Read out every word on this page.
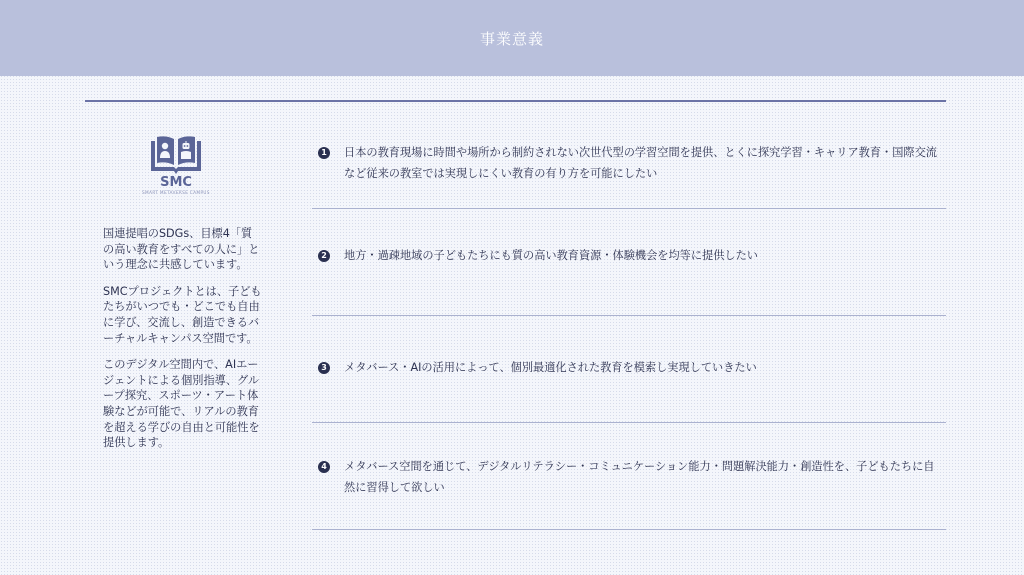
事業意義
SMC
SMART METAVERSE CAMPUS

国連提唱のSDGs、目標4「質の高い教育をすべての人に」という理念に共感しています。

SMCプロジェクトとは、子どもたちがいつでも・どこでも自由に学び、交流し、創造できるバーチャルキャンパス空間です。

このデジタル空間内で、AIエージェントによる個別指導、グループ探究、スポーツ・アート体験などが可能で、リアルの教育を超える学びの自由と可能性を提供します。

1 日本の教育現場に時間や場所から制約されない次世代型の学習空間を提供、とくに探究学習・キャリア教育・国際交流など従来の教室では実現しにくい教育の有り方を可能にしたい
2 地方・過疎地域の子どもたちにも質の高い教育資源・体験機会を均等に提供したい
3 メタバース・AIの活用によって、個別最適化された教育を模索し実現していきたい
4 メタバース空間を通じて、デジタルリテラシー・コミュニケーション能力・問題解決能力・創造性を、子どもたちに自然に習得して欲しい
